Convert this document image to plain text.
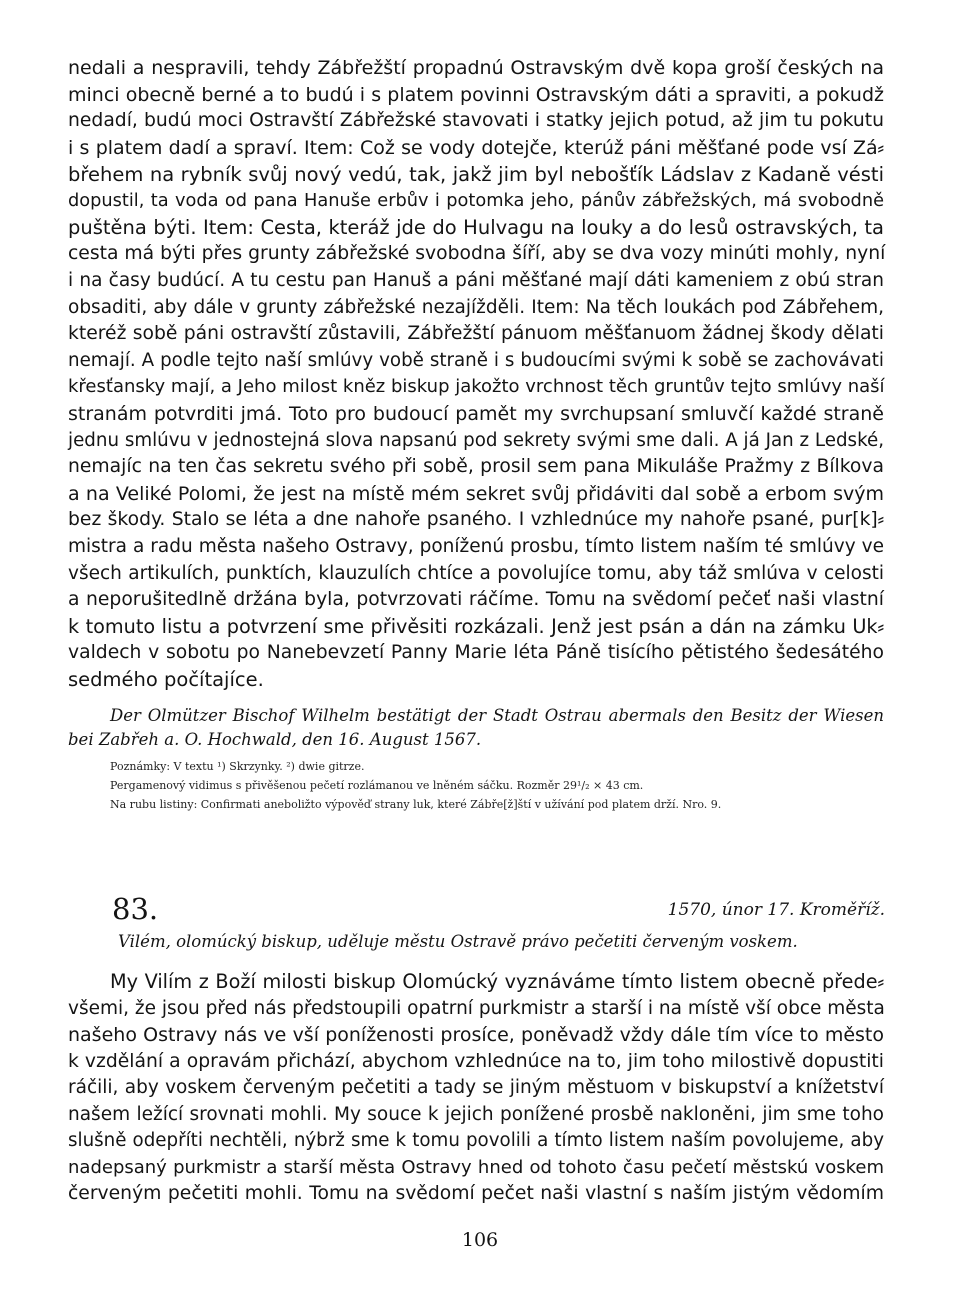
nedali a nespravili, tehdy Zábřežští propadnú Ostravským dvě kopa groší českých na
minci obecně berné a to budú i s platem povinni Ostravským dáti a spraviti, a pokudž
nedadí, budú moci Ostravští Zábřežské stavovati i statky jejich potud, až jim tu pokutu
i s platem dadí a spraví. Item: Což se vody dotejče, kterúž páni měšťané pode vsí Zá⸗
břehem na rybník svůj nový vedú, tak, jakž jim byl nebošťík Ládslav z Kadaně vésti
dopustil, ta voda od pana Hanuše erbův i potomka jeho, pánův zábřežských, má svobodně
puštěna býti. Item: Cesta, kteráž jde do Hulvagu na louky a do lesů ostravských, ta
cesta má býti přes grunty zábřežské svobodna šíří, aby se dva vozy minúti mohly, nyní
i na časy budúcí. A tu cestu pan Hanuš a páni měšťané mají dáti kameniem z obú stran
obsaditi, aby dále v grunty zábřežské nezajížděli. Item: Na těch loukách pod Zábřehem,
kteréž sobě páni ostravští zůstavili, Zábřežští pánuom měšťanuom žádnej škody dělati
nemají. A podle tejto naší smlúvy vobě straně i s budoucími svými k sobě se zachovávati
křesťansky mají, a Jeho milost kněz biskup jakožto vrchnost těch gruntův tejto smlúvy naší
stranám potvrditi jmá. Toto pro budoucí pamět my svrchupsaní smluvčí každé straně
jednu smlúvu v jednostejná slova napsanú pod sekrety svými sme dali. A já Jan z Ledské,
nemajíc na ten čas sekretu svého při sobě, prosil sem pana Mikuláše Pražmy z Bílkova
a na Veliké Polomi, že jest na místě mém sekret svůj přidáviti dal sobě a erbom svým
bez škody. Stalo se léta a dne nahoře psaného. I vzhlednúce my nahoře psané, pur[k]⸗
mistra a radu města našeho Ostravy, poníženú prosbu, tímto listem naším té smlúvy ve
všech artikulích, punktích, klauzulích chtíce a povolujíce tomu, aby táž smlúva v celosti
a neporušitedlně držána byla, potvrzovati ráčíme. Tomu na svědomí pečeť naši vlastní
k tomuto listu a potvrzení sme přivěsiti rozkázali. Jenž jest psán a dán na zámku Uk⸗
valdech v sobotu po Nanebevzetí Panny Marie léta Páně tisícího pětistého šedesátého
sedmého počítajíce.
Der Olmützer Bischof Wilhelm bestätigt der Stadt Ostrau abermals den Besitz der Wiesen
bei Zabřeh a. O. Hochwald, den 16. August 1567.
Poznámky: V textu ¹) Skrzynky. ²) dwie gitrze.
Pergamenový vidimus s přivěšenou pečetí rozlámanou ve lněném sáčku. Rozměr 29¹/₂ × 43 cm.
Na rubu listiny: Confirmati aneboližto výpověď strany luk, které Zábře[ž]ští v užívání pod platem drží. Nro. 9.
83.	1570, únor 17. Kroměříž.
Vilém, olomúcký biskup, uděluje městu Ostravě právo pečetiti červeným voskem.
My Vilím z Boží milosti biskup Olomúcký vyznáváme tímto listem obecně přede⸗
všemi, že jsou před nás předstoupili opatrní purkmistr a starší i na místě vší obce města
našeho Ostravy nás ve vší poníženosti prosíce, poněvadž vždy dále tím více to město
k vzdělání a opravám přichází, abychom vzhlednúce na to, jim toho milostivě dopustiti
ráčili, aby voskem červeným pečetiti a tady se jiným městuom v biskupství a knížetství
našem ležící srovnati mohli. My souce k jejich ponížené prosbě nakloněni, jim sme toho
slušně odepříti nechtěli, nýbrž sme k tomu povolili a tímto listem naším povolujeme, aby
nadepsaný purkmistr a starší města Ostravy hned od tohoto času pečetí městskú voskem
červeným pečetiti mohli. Tomu na svědomí pečet naši vlastní s naším jistým vědomím
106
